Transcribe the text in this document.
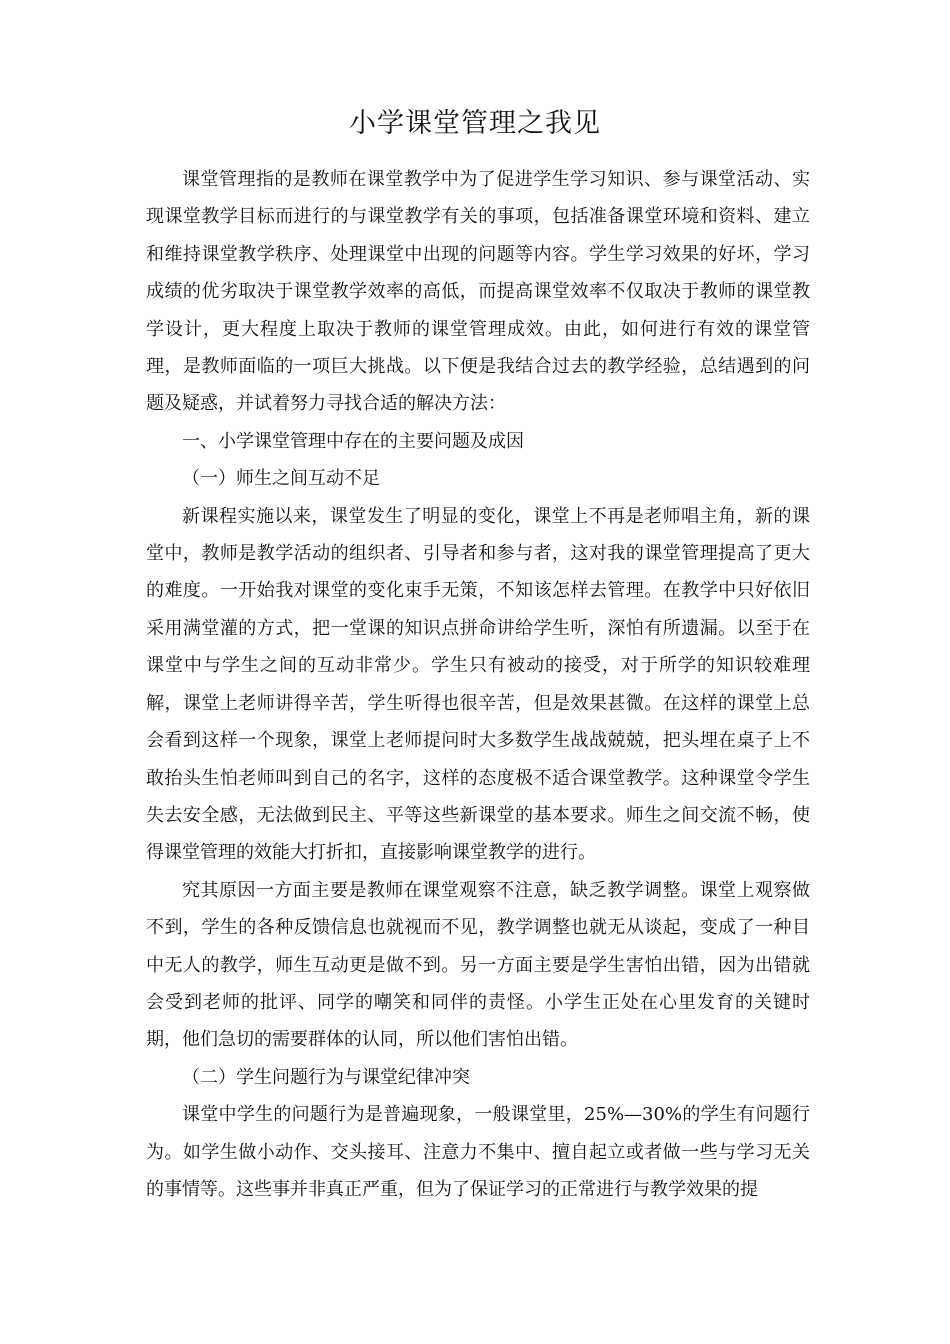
小学课堂管理之我见

课堂管理指的是教师在课堂教学中为了促进学生学习知识、参与课堂活动、实现课堂教学目标而进行的与课堂教学有关的事项，包括准备课堂环境和资料、建立和维持课堂教学秩序、处理课堂中出现的问题等内容。学生学习效果的好坏，学习成绩的优劣取决于课堂教学效率的高低，而提高课堂效率不仅取决于教师的课堂教学设计，更大程度上取决于教师的课堂管理成效。由此，如何进行有效的课堂管理，是教师面临的一项巨大挑战。以下便是我结合过去的教学经验，总结遇到的问题及疑惑，并试着努力寻找合适的解决方法：

一、小学课堂管理中存在的主要问题及成因

（一）师生之间互动不足

新课程实施以来，课堂发生了明显的变化，课堂上不再是老师唱主角，新的课堂中，教师是教学活动的组织者、引导者和参与者，这对我的课堂管理提高了更大的难度。一开始我对课堂的变化束手无策，不知该怎样去管理。在教学中只好依旧采用满堂灌的方式，把一堂课的知识点拼命讲给学生听，深怕有所遗漏。以至于在课堂中与学生之间的互动非常少。学生只有被动的接受，对于所学的知识较难理解，课堂上老师讲得辛苦，学生听得也很辛苦，但是效果甚微。在这样的课堂上总会看到这样一个现象，课堂上老师提问时大多数学生战战兢兢，把头埋在桌子上不敢抬头生怕老师叫到自己的名字，这样的态度极不适合课堂教学。这种课堂令学生失去安全感，无法做到民主、平等这些新课堂的基本要求。师生之间交流不畅，使得课堂管理的效能大打折扣，直接影响课堂教学的进行。

究其原因一方面主要是教师在课堂观察不注意，缺乏教学调整。课堂上观察做不到，学生的各种反馈信息也就视而不见，教学调整也就无从谈起，变成了一种目中无人的教学，师生互动更是做不到。另一方面主要是学生害怕出错，因为出错就会受到老师的批评、同学的嘲笑和同伴的责怪。小学生正处在心里发育的关键时期，他们急切的需要群体的认同，所以他们害怕出错。

（二）学生问题行为与课堂纪律冲突

课堂中学生的问题行为是普遍现象，一般课堂里，25%—30%的学生有问题行为。如学生做小动作、交头接耳、注意力不集中、擅自起立或者做一些与学习无关的事情等。这些事并非真正严重，但为了保证学习的正常进行与教学效果的提
